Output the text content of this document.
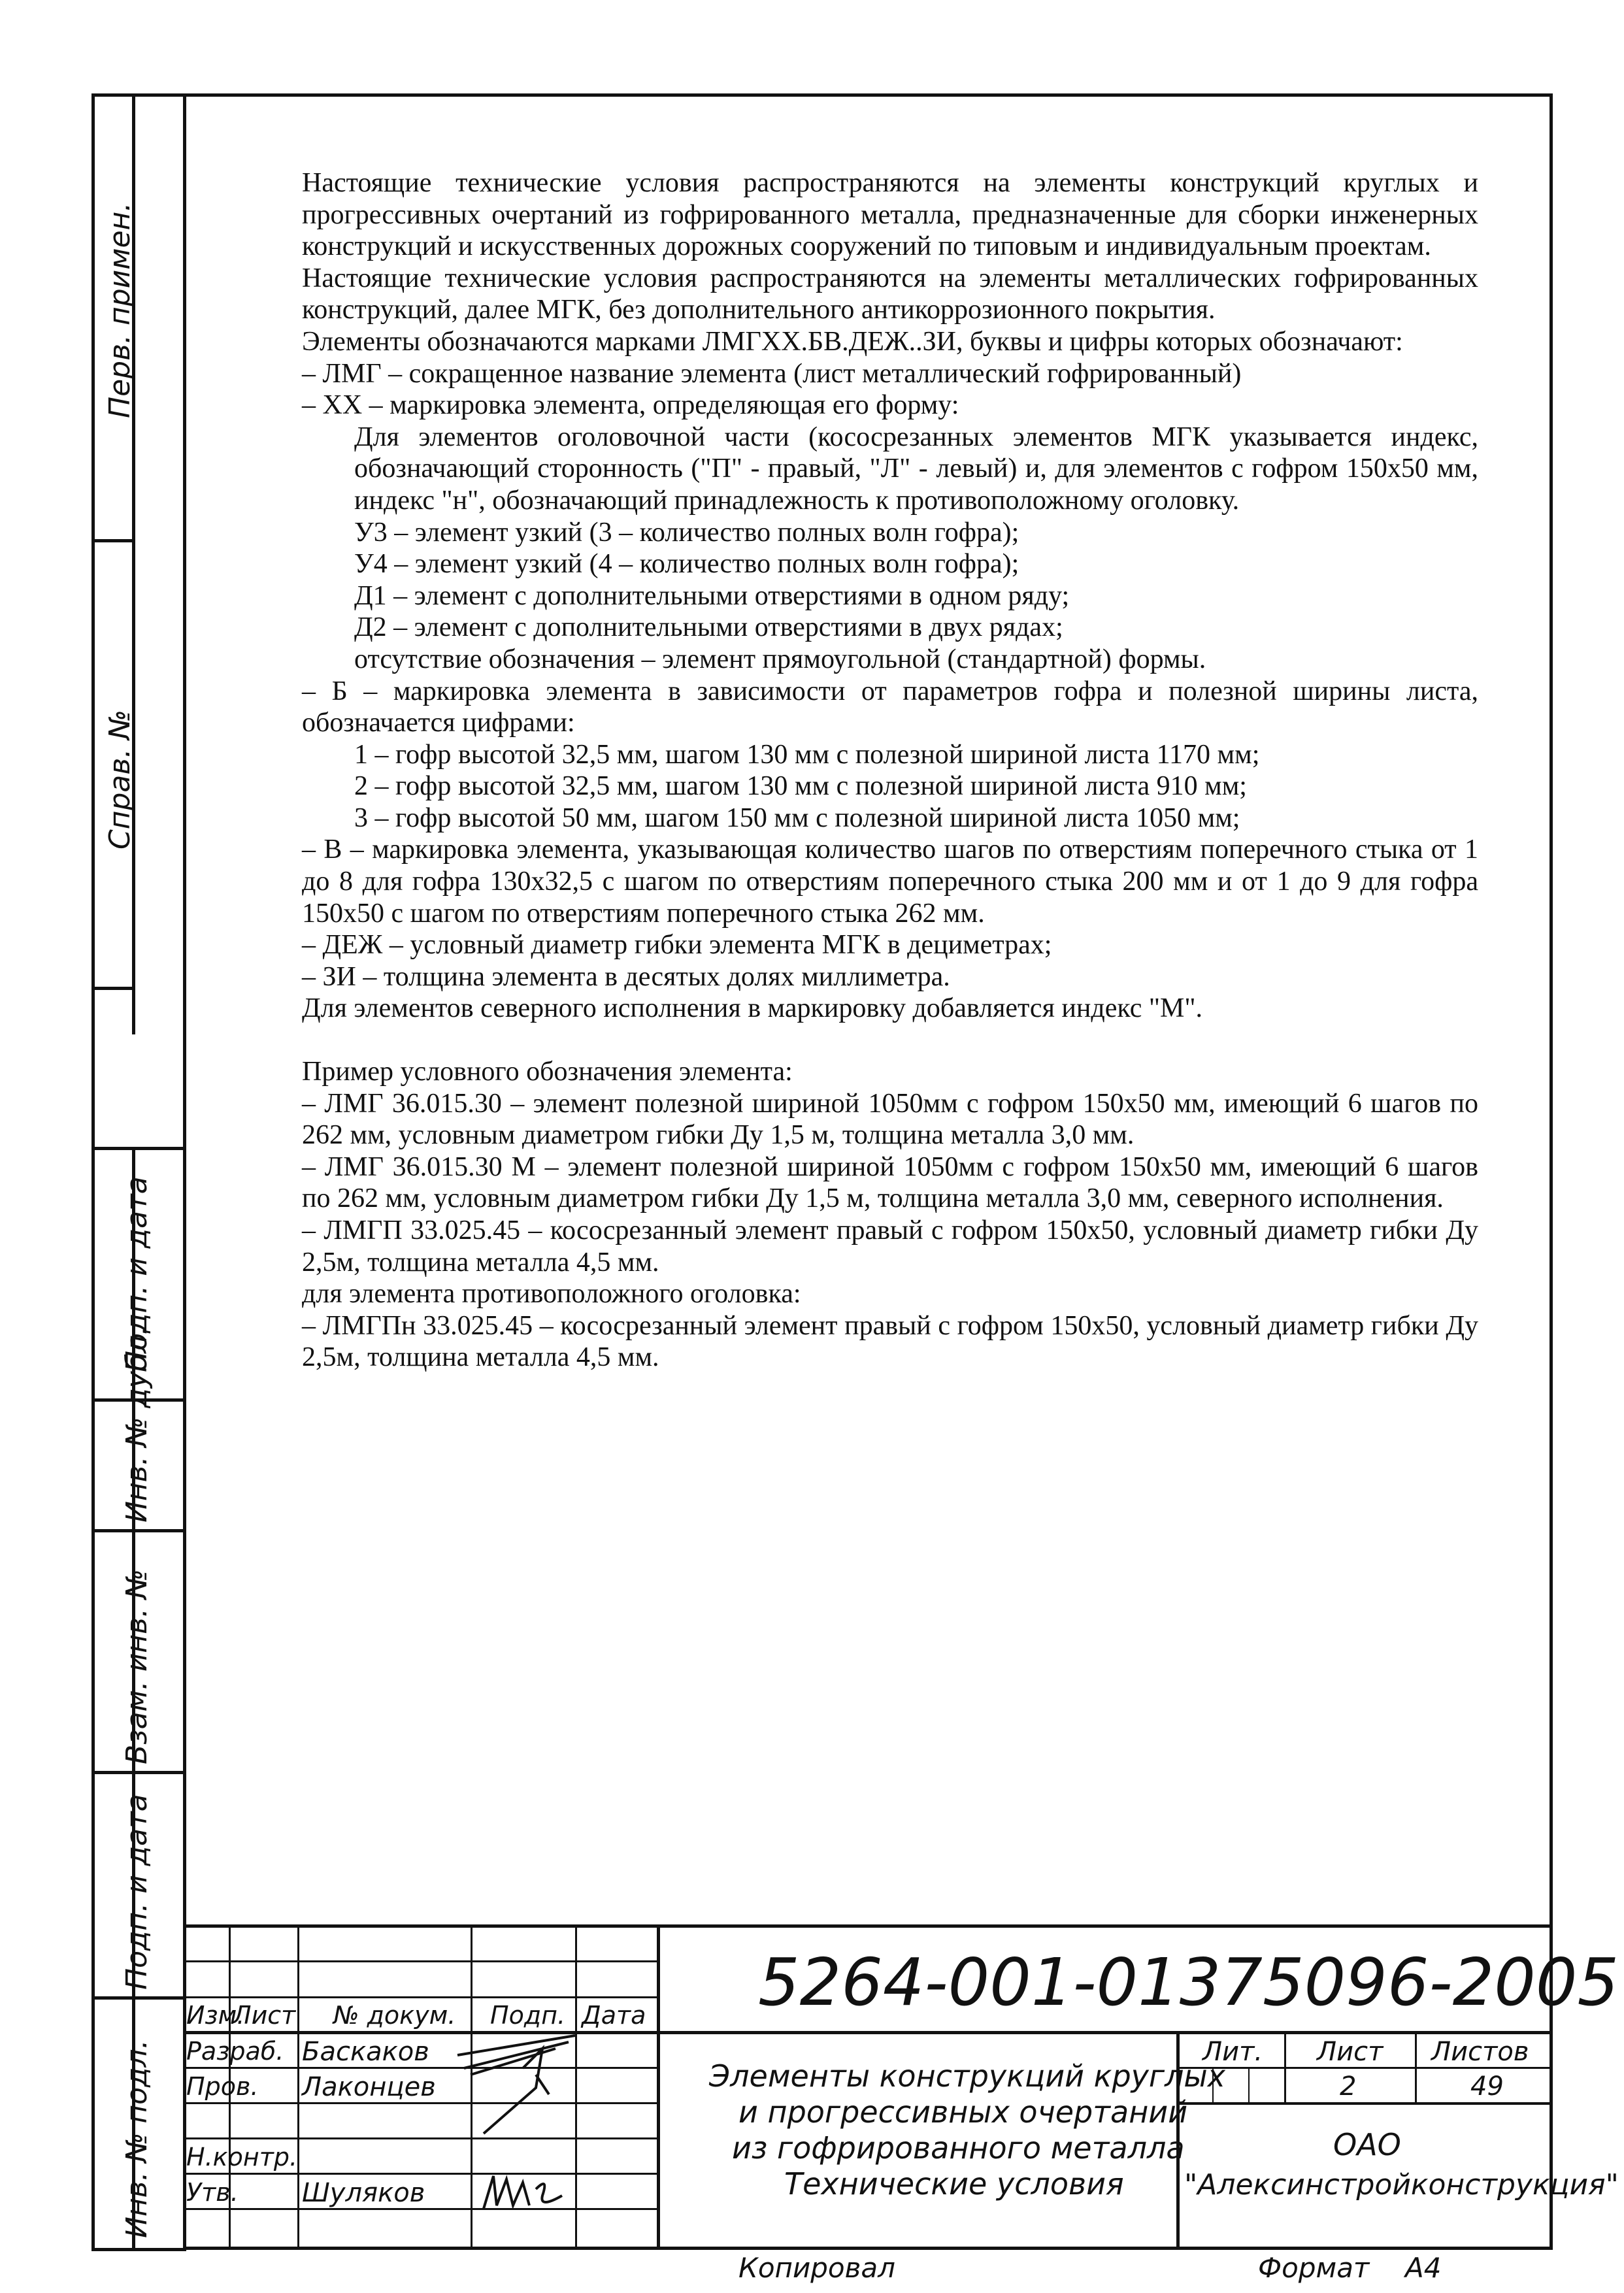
Перв. примен.
Справ. №
Подп. и дата
Инв. № дубл.
Взам. инв. №
Подп. и дата
Инв. № подл.

Настоящие технические условия распространяются на элементы конструкций круглых и прогрессивных очертаний из гофрированного металла, предназначенные для сборки инженерных конструкций и искусственных дорожных сооружений по типовым и индивидуальным проектам.

Настоящие технические условия распространяются на элементы металлических гофрированных конструкций, далее МГК, без дополнительного антикоррозионного покрытия.

Элементы обозначаются марками ЛМГХХ.БВ.ДЕЖ..ЗИ, буквы и цифры которых обозначают:

– ЛМГ – сокращенное название элемента (лист металлический гофрированный)

– ХХ – маркировка элемента, определяющая его форму:

Для элементов оголовочной части (кососрезанных элементов МГК указывается индекс, обозначающий сторонность ("П" - правый, "Л" - левый) и, для элементов с гофром 150х50 мм, индекс "н", обозначающий принадлежность к противоположному оголовку.

У3 – элемент узкий (3 – количество полных волн гофра);

У4 – элемент узкий (4 – количество полных волн гофра);

Д1 – элемент с дополнительными отверстиями в одном ряду;

Д2 – элемент с дополнительными отверстиями в двух рядах;

отсутствие обозначения – элемент прямоугольной (стандартной) формы.

– Б – маркировка элемента в зависимости от параметров гофра и полезной ширины листа, обозначается цифрами:

1 – гофр высотой 32,5 мм, шагом 130 мм с полезной шириной листа 1170 мм;

2 – гофр высотой 32,5 мм, шагом 130 мм с полезной шириной листа 910 мм;

3 – гофр высотой 50 мм, шагом 150 мм с полезной шириной листа 1050 мм;

– В – маркировка элемента, указывающая количество шагов по отверстиям поперечного стыка от 1 до 8 для гофра 130х32,5 с шагом по отверстиям поперечного стыка 200 мм и от 1 до 9 для гофра 150х50 с шагом по отверстиям поперечного стыка 262 мм.

– ДЕЖ – условный диаметр гибки элемента МГК в дециметрах;

– ЗИ – толщина элемента в десятых долях миллиметра.

Для элементов северного исполнения в маркировку добавляется индекс "М".

Пример условного обозначения элемента:

– ЛМГ 36.015.30 – элемент полезной шириной 1050мм с гофром 150х50 мм, имеющий 6 шагов по 262 мм, условным диаметром гибки Ду 1,5 м, толщина металла 3,0 мм.

– ЛМГ 36.015.30 М – элемент полезной шириной 1050мм с гофром 150х50 мм, имеющий 6 шагов по 262 мм, условным диаметром гибки Ду 1,5 м, толщина металла 3,0 мм, северного исполнения.

– ЛМГП 33.025.45 – кососрезанный элемент правый с гофром 150х50, условный диаметр гибки Ду 2,5м, толщина металла 4,5 мм.

для элемента противоположного оголовка:

– ЛМГПн 33.025.45 – кососрезанный элемент правый с гофром 150х50, условный диаметр гибки Ду 2,5м, толщина металла 4,5 мм.

5264-001-01375096-2005
Изм.
Лист № докум. Подп. Дата
Разраб.
Пров.
Н.контр.
Утв.
Баскаков
Лаконцев
Шуляков
Элементы конструкций круглых
и прогрессивных очертаний
из гофрированного металла
Технические условия
Лит. Лист Листов
2	49
ОАО
"Алексинстройконструкция"
Копировал	Формат А4
